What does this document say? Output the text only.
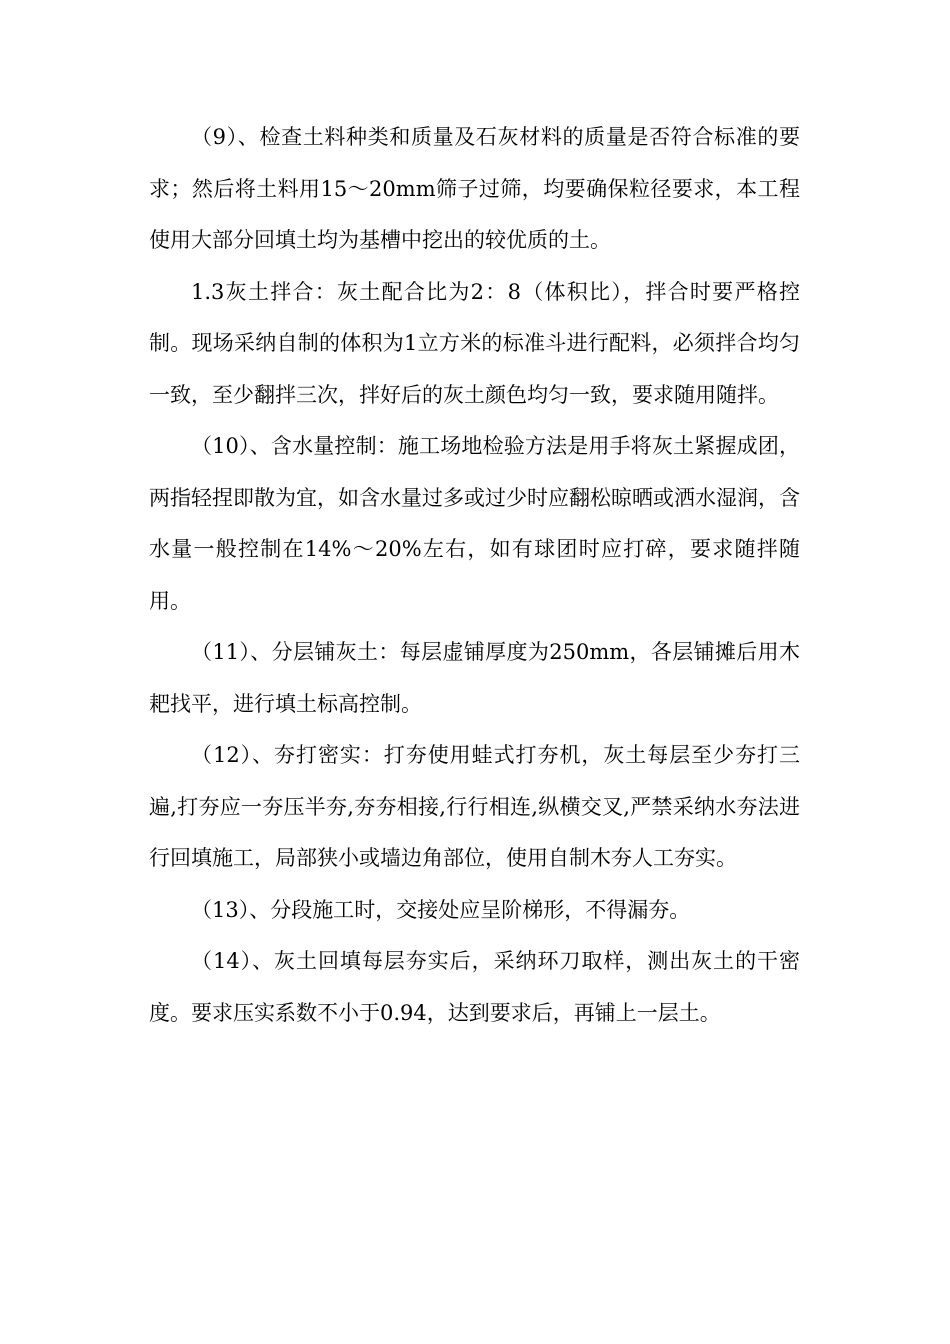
（9）、检查土料种类和质量及石灰材料的质量是否符合标准的要求；然后将土料用15～20mm筛子过筛，均要确保粒径要求，本工程使用大部分回填土均为基槽中挖出的较优质的土。

1.3灰土拌合：灰土配合比为2：8（体积比），拌合时要严格控制。现场采纳自制的体积为1立方米的标准斗进行配料，必须拌合均匀一致，至少翻拌三次，拌好后的灰土颜色均匀一致，要求随用随拌。

（10）、含水量控制：施工场地检验方法是用手将灰土紧握成团，两指轻捏即散为宜，如含水量过多或过少时应翻松晾晒或洒水湿润，含水量一般控制在14%～20%左右，如有球团时应打碎，要求随拌随用。

（11）、分层铺灰土：每层虚铺厚度为250mm，各层铺摊后用木耙找平，进行填土标高控制。

（12）、夯打密实：打夯使用蛙式打夯机，灰土每层至少夯打三遍,打夯应一夯压半夯,夯夯相接,行行相连,纵横交叉,严禁采纳水夯法进行回填施工，局部狭小或墙边角部位，使用自制木夯人工夯实。

（13）、分段施工时，交接处应呈阶梯形，不得漏夯。

（14）、灰土回填每层夯实后，采纳环刀取样，测出灰土的干密度。要求压实系数不小于0.94，达到要求后，再铺上一层土。
